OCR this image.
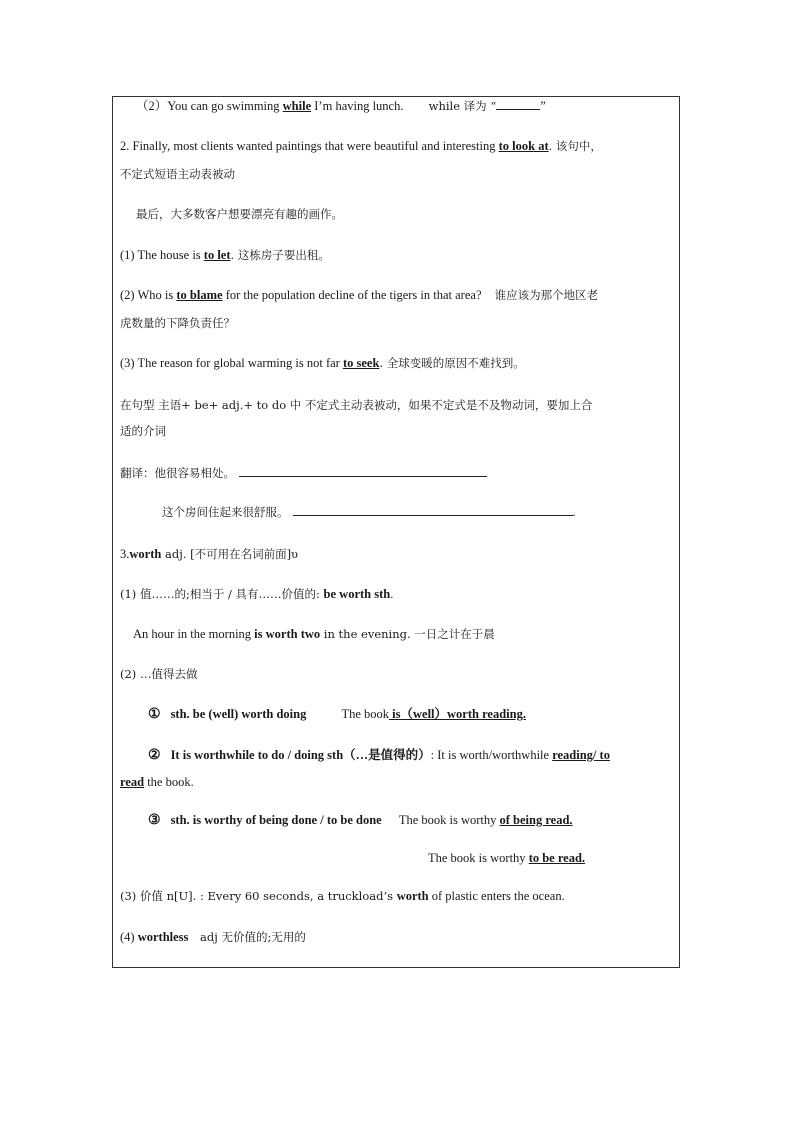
（2）You can go swimming while I’m having lunch. while 译为 “	”
2. Finally, most clients wanted paintings that were beautiful and interesting to look at. 该句中，
不定式短语主动表被动
最后，大多数客户想要漂亮有趣的画作。
(1) The house is to let. 这栋房子要出租。
(2) Who is to blame for the population decline of the tigers in that area? 谁应该为那个地区老
虎数量的下降负责任？
(3) The reason for global warming is not far to seek. 全球变暖的原因不难找到。
在句型 主语+ be+ adj.+ to do 中 不定式主动表被动，如果不定式是不及物动词，要加上合
适的介词
翻译：他很容易相处。
这个房间住起来很舒服。	.
3.worth adj. [不可用在名词前面]υ
(1) 值……的;相当于 / 具有……价值的: be worth sth.
An hour in the morning is worth two in the evening. 一日之计在于晨
(2) …值得去做
① sth. be (well) worth doing	The book is（well）worth reading.
② It is worthwhile to do / doing sth（…是值得的）: It is worth/worthwhile reading/ to
read the book.
③ sth. is worthy of being done / to be done The book is worthy of being read.
The book is worthy to be read.
(3) 价值 n[U]. : Every 60 seconds, a truckload’s worth of plastic enters the ocean.
(4) worthless adj 无价值的;无用的
